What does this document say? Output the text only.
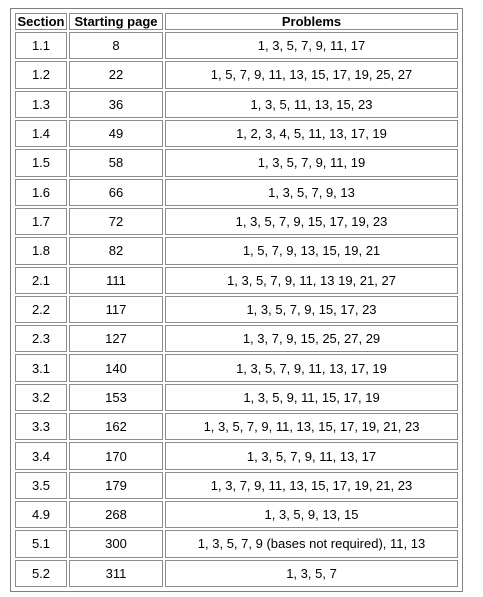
Section	Starting page	Problems
1.1	8	1, 3, 5, 7, 9, 11, 17
1.2	22	1, 5, 7, 9, 11, 13, 15, 17, 19, 25, 27
1.3	36	1, 3, 5, 11, 13, 15, 23
1.4	49	1, 2, 3, 4, 5, 11, 13, 17, 19
1.5	58	1, 3, 5, 7, 9, 11, 19
1.6	66	1, 3, 5, 7, 9, 13
1.7	72	1, 3, 5, 7, 9, 15, 17, 19, 23
1.8	82	1, 5, 7, 9, 13, 15, 19, 21
2.1	111	1, 3, 5, 7, 9, 11, 13 19, 21, 27
2.2	117	1, 3, 5, 7, 9, 15, 17, 23
2.3	127	1, 3, 7, 9, 15, 25, 27, 29
3.1	140	1, 3, 5, 7, 9, 11, 13, 17, 19
3.2	153	1, 3, 5, 9, 11, 15, 17, 19
3.3	162	1, 3, 5, 7, 9, 11, 13, 15, 17, 19, 21, 23
3.4	170	1, 3, 5, 7, 9, 11, 13, 17
3.5	179	1, 3, 7, 9, 11, 13, 15, 17, 19, 21, 23
4.9	268	1, 3, 5, 9, 13, 15
5.1	300	1, 3, 5, 7, 9 (bases not required), 11, 13
5.2	311	1, 3, 5, 7
